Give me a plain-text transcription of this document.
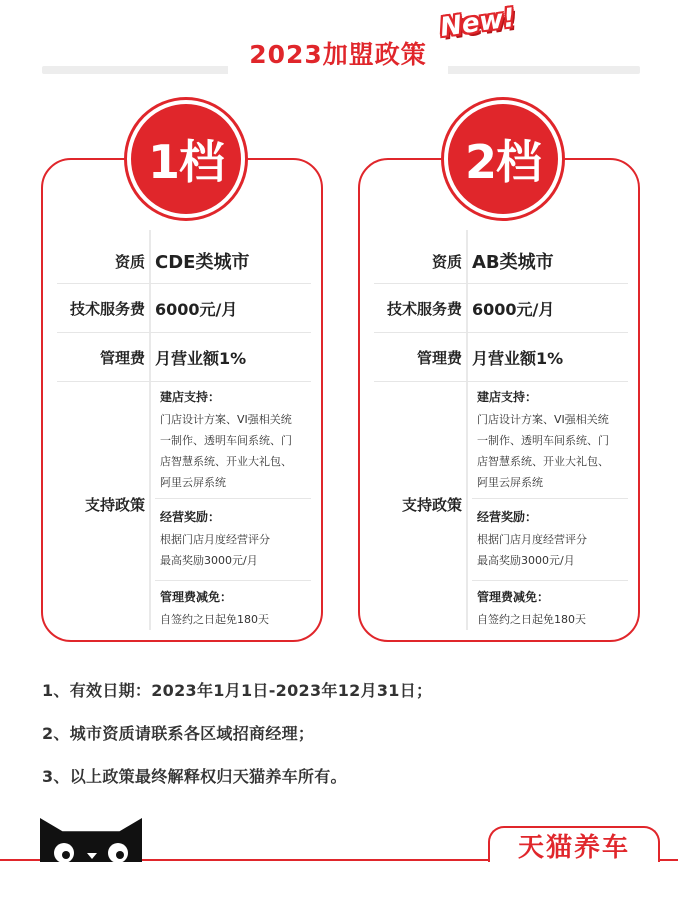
2023加盟政策
New!
资质 CDE类城市
技术服务费 6000元/月
管理费 月营业额1%
支持政策
建店支持：
门店设计方案、VI强相关统
一制作、透明车间系统、门
店智慧系统、开业大礼包、
阿里云屏系统
经营奖励：
根据门店月度经营评分
最高奖励3000元/月
管理费减免：
自签约之日起免180天
1档
资质 AB类城市
技术服务费 6000元/月
管理费 月营业额1%
支持政策
建店支持：
门店设计方案、VI强相关统
一制作、透明车间系统、门
店智慧系统、开业大礼包、
阿里云屏系统
经营奖励：
根据门店月度经营评分
最高奖励3000元/月
管理费减免：
自签约之日起免180天
2档
1、有效日期：2023年1月1日-2023年12月31日；
2、城市资质请联系各区域招商经理；
3、以上政策最终解释权归天猫养车所有。
天猫养车
